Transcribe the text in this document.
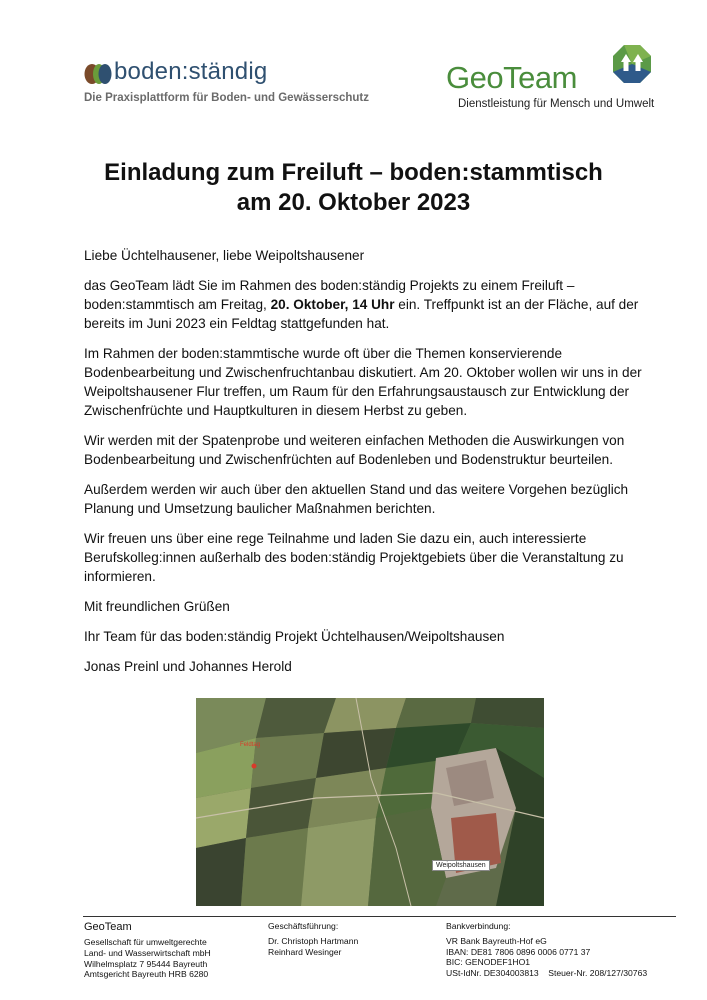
boden:ständig
Die Praxisplattform für Boden- und Gewässerschutz
GeoTeam
Dienstleistung für Mensch und Umwelt
Einladung zum Freiluft – boden:stammtisch
am 20. Oktober 2023

Liebe Üchtelhausener, liebe Weipoltshausener

das GeoTeam lädt Sie im Rahmen des boden:ständig Projekts zu einem Freiluft – boden:stammtisch am Freitag, 20. Oktober, 14 Uhr ein. Treffpunkt ist an der Fläche, auf der bereits im Juni 2023 ein Feldtag stattgefunden hat.

Im Rahmen der boden:stammtische wurde oft über die Themen konservierende Bodenbearbeitung und Zwischenfruchtanbau diskutiert. Am 20. Oktober wollen wir uns in der Weipoltshausener Flur treffen, um Raum für den Erfahrungsaustausch zur Entwicklung der Zwischenfrüchte und Hauptkulturen in diesem Herbst zu geben.

Wir werden mit der Spatenprobe und weiteren einfachen Methoden die Auswirkungen von Bodenbearbeitung und Zwischenfrüchten auf Bodenleben und Bodenstruktur beurteilen.

Außerdem werden wir auch über den aktuellen Stand und das weitere Vorgehen bezüglich Planung und Umsetzung baulicher Maßnahmen berichten.

Wir freuen uns über eine rege Teilnahme und laden Sie dazu ein, auch interessierte Berufskolleg:innen außerhalb des boden:ständig Projektgebiets über die Veranstaltung zu informieren.

Mit freundlichen Grüßen

Ihr Team für das boden:ständig Projekt Üchtelhausen/Weipoltshausen

Jonas Preinl und Johannes Herold

Feldtag
Weipoltshausen
GeoTeam
Gesellschaft für umweltgerechte
Land- und Wasserwirtschaft mbH
Wilhelmsplatz 7 95444 Bayreuth
Amtsgericht Bayreuth HRB 6280
Geschäftsführung:
Dr. Christoph Hartmann
Reinhard Wesinger
Bankverbindung:
VR Bank Bayreuth-Hof eG
IBAN: DE81 7806 0896 0006 0771 37
BIC: GENODEF1HO1
USt-IdNr. DE304003813 Steuer-Nr. 208/127/30763
